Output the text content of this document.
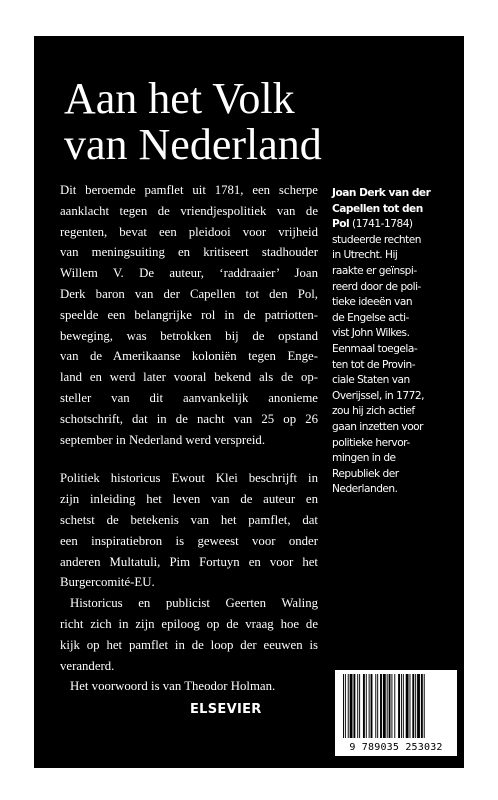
Aan het Volk
van Nederland
Dit beroemde pamflet uit 1781, een scherpe
aanklacht tegen de vriendjespolitiek van de
regenten, bevat een pleidooi voor vrijheid
van meningsuiting en kritiseert stadhouder
Willem V. De auteur, ‘raddraaier’ Joan
Derk baron van der Capellen tot den Pol,
speelde een belangrijke rol in de patriotten-
beweging, was betrokken bij de opstand
van de Amerikaanse koloniën tegen Enge-
land en werd later vooral bekend als de op-
steller van dit aanvankelijk anonieme
schotschrift, dat in de nacht van 25 op 26
september in Nederland werd verspreid.
Politiek historicus Ewout Klei beschrijft in
zijn inleiding het leven van de auteur en
schetst de betekenis van het pamflet, dat
een inspiratiebron is geweest voor onder
anderen Multatuli, Pim Fortuyn en voor het
Burgercomité-EU.
Historicus en publicist Geerten Waling
richt zich in zijn epiloog op de vraag hoe de
kijk op het pamflet in de loop der eeuwen is
veranderd.
Het voorwoord is van Theodor Holman.
Joan Derk van der
Capellen tot den
Pol (1741-1784)
studeerde rechten
in Utrecht. Hij
raakte er geïnspi-
reerd door de poli-
tieke ideeën van
de Engelse acti-
vist John Wilkes.
Eenmaal toegela-
ten tot de Provin-
ciale Staten van
Overijssel, in 1772,
zou hij zich actief
gaan inzetten voor
politieke hervor-
mingen in de
Republiek der
Nederlanden.
ELSEVIER
9 789035 253032
